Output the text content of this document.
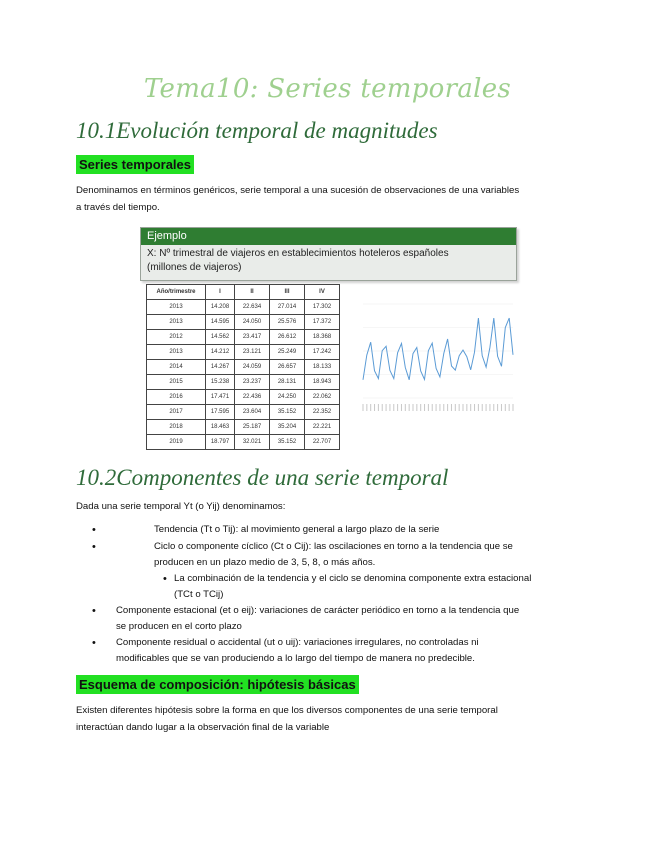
Tema10: Series temporales
10.1Evolución temporal de magnitudes
Series temporales
Denominamos en términos genéricos, serie temporal a una sucesión de observaciones de una variables
a través del tiempo.
Ejemplo
X: Nº trimestral de viajeros en establecimientos hoteleros españoles
(millones de viajeros)
Año/trimestre	I	II	III	IV
2013	14.208	22.634	27.014	17.302
2013	14.595	24.050	25.576	17.372
2012	14.562	23.417	26.612	18.368
2013	14.212	23.121	25.249	17.242
2014	14.267	24.059	26.657	18.133
2015	15.238	23.237	28.131	18.943
2016	17.471	22.436	24.250	22.062
2017	17.595	23.604	35.152	22.352
2018	18.463	25.187	35.204	22.221
2019	18.797	32.021	35.152	22.707
10.2Componentes de una serie temporal
Dada una serie temporal Yt (o Yij) denominamos:
•	Tendencia (Tt o Tij): al movimiento general a largo plazo de la serie
•	Ciclo o componente cíclico (Ct o Cij): las oscilaciones en torno a la tendencia que se
producen en un plazo medio de 3, 5, 8, o más años.
• La combinación de la tendencia y el ciclo se denomina componente extra estacional
(TCt o TCij)
• Componente estacional (et o eij): variaciones de carácter periódico en torno a la tendencia que
se producen en el corto plazo
• Componente residual o accidental (ut o uij): variaciones irregulares, no controladas ni
modificables que se van produciendo a lo largo del tiempo de manera no predecible.
Esquema de composición: hipótesis básicas
Existen diferentes hipótesis sobre la forma en que los diversos componentes de una serie temporal
interactúan dando lugar a la observación final de la variable
